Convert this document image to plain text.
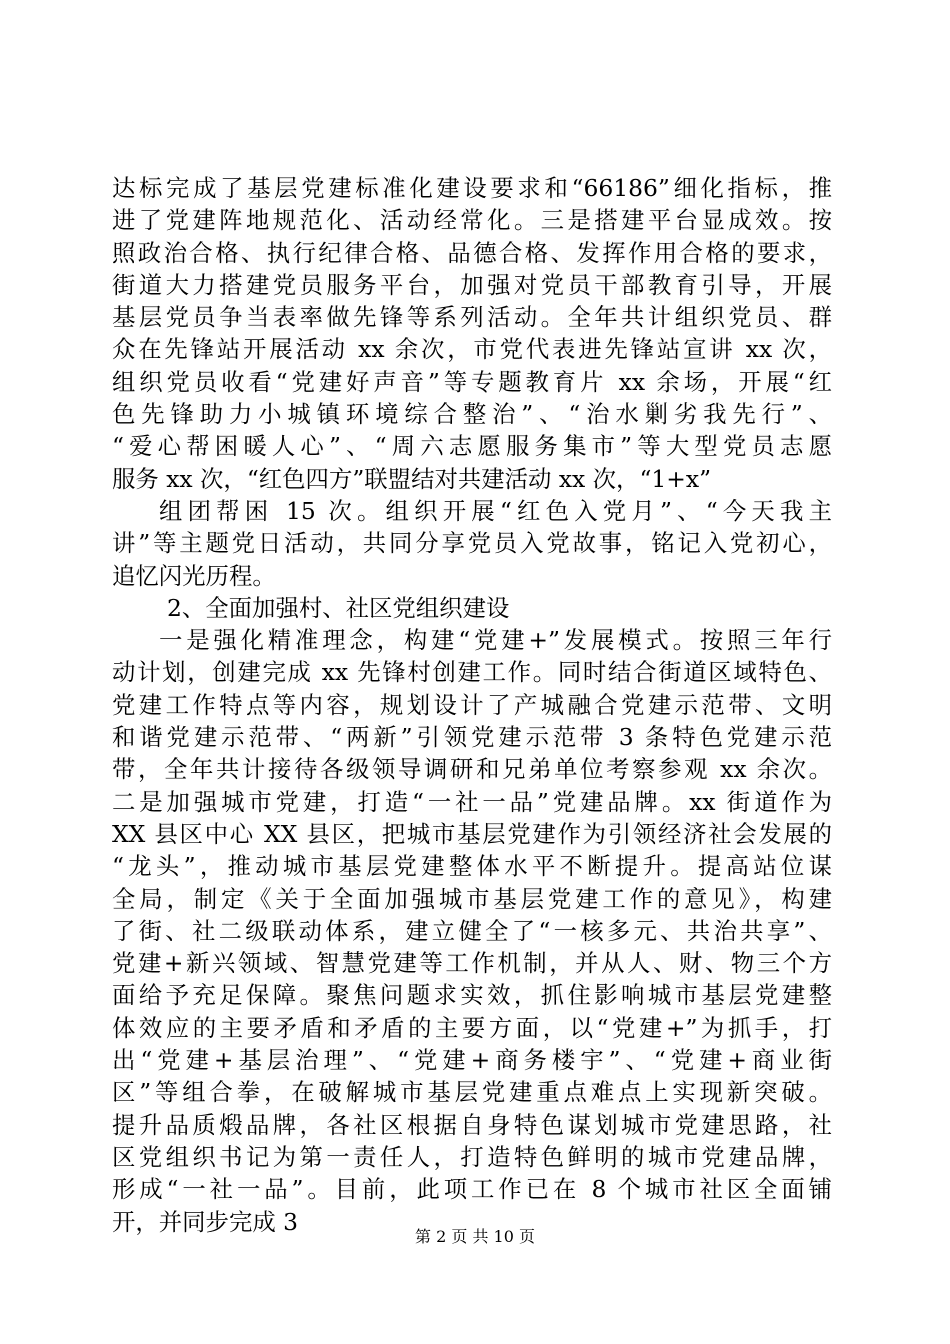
达标完成了基层党建标准化建设要求和“66186”细化指标，推
进了党建阵地规范化、活动经常化。三是搭建平台显成效。按
照政治合格、执行纪律合格、品德合格、发挥作用合格的要求，
街道大力搭建党员服务平台，加强对党员干部教育引导，开展
基层党员争当表率做先锋等系列活动。全年共计组织党员、群
众在先锋站开展活动 xx 余次，市党代表进先锋站宣讲 xx 次，
组织党员收看“党建好声音”等专题教育片 xx 余场，开展“红
色先锋助力小城镇环境综合整治”、“治水剿劣我先行”、
“爱心帮困暖人心”、“周六志愿服务集市”等大型党员志愿
服务 xx 次，“红色四方”联盟结对共建活动 xx 次，“1+x”
组团帮困 15 次。组织开展“红色入党月”、“今天我主
讲”等主题党日活动，共同分享党员入党故事，铭记入党初心，
追忆闪光历程。
2、全面加强村、社区党组织建设
一是强化精准理念，构建“党建+”发展模式。按照三年行
动计划，创建完成 xx 先锋村创建工作。同时结合街道区域特色、
党建工作特点等内容，规划设计了产城融合党建示范带、文明
和谐党建示范带、“两新”引领党建示范带 3 条特色党建示范
带，全年共计接待各级领导调研和兄弟单位考察参观 xx 余次。
二是加强城市党建，打造“一社一品”党建品牌。xx 街道作为
XX 县区中心 XX 县区，把城市基层党建作为引领经济社会发展的
“龙头”，推动城市基层党建整体水平不断提升。提高站位谋
全局，制定《关于全面加强城市基层党建工作的意见》，构建
了街、社二级联动体系，建立健全了“一核多元、共治共享”、
党建+新兴领域、智慧党建等工作机制，并从人、财、物三个方
面给予充足保障。聚焦问题求实效，抓住影响城市基层党建整
体效应的主要矛盾和矛盾的主要方面，以“党建+”为抓手，打
出“党建+基层治理”、“党建+商务楼宇”、“党建+商业街
区”等组合拳，在破解城市基层党建重点难点上实现新突破。
提升品质煅品牌，各社区根据自身特色谋划城市党建思路，社
区党组织书记为第一责任人，打造特色鲜明的城市党建品牌，
形成“一社一品”。目前，此项工作已在 8 个城市社区全面铺
开，并同步完成 3
第 2 页 共 10 页
